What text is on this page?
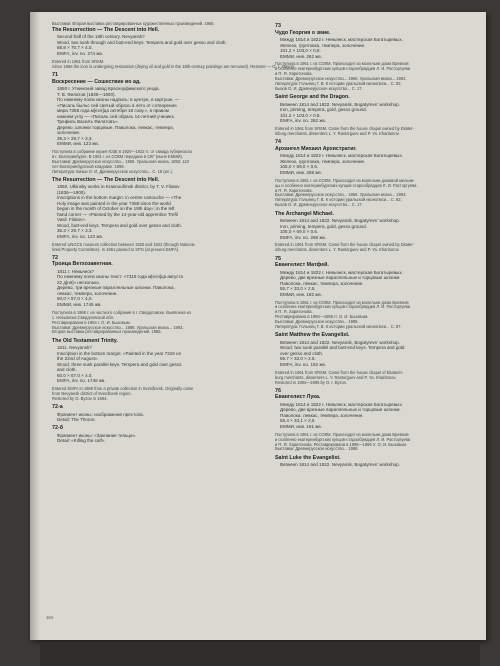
Выставки: Вторая выставка реставрированных художественных произведений. 1966.
The Resurrection — The Descent into Hell.
Second half of the 18th century. Nevyansk?
Wood, two sunk through and butt-end keys. Tempera and gold over gesso and cloth.
88.8 × 70.7 × 4.0.
EMFA, inv. no. 274 жв.
Entered in 1961 from SRSM.
Since 1966 the icon is undergoing restoration (drying oil and gold in the 18th-century paintings are removed). Restorer — O. L. Buyon.
71
Воскресение — Сошествие во ад.
1850 г. Уткинский завод Красноуфимского уезда.
Т. В. Филатов (1836—1900).
По нижнему полю иконы надпись: в центре, в картуше, —
«Писаль быльс сей святый образъ в лето от сотворения
мира 7358 года м[еся]ца октября 19 сову.», в правом
нижнем углу — «Писаль сей образъ 14-летний ученикъ
Трефиль Василъ Филатовъ».
Дерево, шпонки торцовые. Паволока, левкас, темпера,
золочение.
35,3 × 29,7 × 3,3.
ЕММИ, инв. 123 жв.
Поступила в собрание музея ЮЗЕ в 1920—1922 гг. от сквида губернского
в г. Екатеринбурге. В 1961 г. из СОКМ передана в СКГ (ныне ЕММИ).
Выставки: Древнерусское искусство... 1966. Уральская икона, 1992; 110
лет Екатеринбургской кладовке. 1996.
Литература: Бизьи О. И. Древнерусское искусство... С. 18 (ил.).
The Resurrection — The Descent into Hell.
1850. Ulkinsky works in Krasnoufimsk district, by T. V. Filatov
(1836—1900).
Inscriptions in the bottom margin: in centre cartouche — «The
Holy image was painted in the year 7358 since the world
began in the month of October on the 19th day»; in the left
hand corner — «Painted by the 14-year-old apprentice Trefil
Vasil. Filatov».
Wood, butt-end keys. Tempera and gold over gesso and cloth.
35.3 × 29.7 × 3.3.
EMFA, inv. no. 123 жв.
Entered UNGCS museum collection between 1920 and 1922 (through Nationa-
lized Property Committee). In 1961 passed to SPG (at present EMFA).
72
Троица Ветхозаветная.
1811 г. Невьянск?
По нижнему полю иконы текст: «7319 года м[еся]ца августа
22 д[ня]» несколько.
Дерево, три врезные параллельные шпонки. Паволока,
левкас, темпера, золочение.
60,0 × 67,0 × 4,0.
ЕММИ, инв. 1746 жв.
Поступила в 1968 г. из частного собрания в г. Свердловске. Выявлена из
с. Невьянска Свердловской обл.
Реставрирована в 1964 г. О. И. Бызовым.
Выставки: Древнерусское искусство... 1988. Уральская икона... 1993.
Вторая выставка реставрированных произведений. 1986.
The Old Testament Trinity.
1811. Nevyansk?
Inscription in the bottom margin: «Painted in the year 7319 on
the 22nd of August».
Wood, three sunk parallel keys. Tempera and gold over gesso
and cloth.
60.0 × 67.0 × 4.0.
EMFA, inv. no. 1746 жв.
Entered EMFA in 1968 from a private collection in Sverdlovsk. Originally came
from Nevyansk district of Sverdlovsk region.
Restored by O. Byzov in 1964.
72-а
Фрагмент иконы: изображение престола.
Detail: The Throne.
72-б
Фрагмент иконы: «Заклание тельца».
Detail: «Killing the calf».
73
Чудо Георгия о змие.
Между 1814 и 1822 г. Невьянск, мастерская Богатыревых.
Железо, грунтовка, темпера, золочение.
101,2 × 103,0 × 0,8.
ЕММИ, инв. 262 жв.
Поступила в 1961 г. из СОКМ. Происходит из молельни дома Бревнов
и особенно екатеринбургских купцов-старообрядцев Л. И. Расторгуева
и П. Я. Харитонова.
Выставки: Древнерусское искусство... 1966. Уральская икона... 1993.
Литература: Голынец Г. В. К истории уральской иконописи... С. 82.
Бызов О. И. Древнерусское искусство... С. 17.
Saint George and the Dragon.
Between 1814 and 1822. Nevyansk, Bogatyrevs' workshop.
Iron, priming, tempera, gold, gesso ground.
101.2 × 103.0 × 0.8.
EMFA, inv. no. 262 жв.
Entered in 1961 from SRSM. Came from the house chapel owned by Ekater-
inburg merchants, dissenters L. Y. Rastorguev and P. Ya. Kharitonov.
74
Архангел Михаил Архистратиг.
Между 1814 и 1822 г. Невьянск, мастерская Богатыревых.
Железо, грунтовка, темпера, золочение.
105,0 × 69,0 × 0,6.
ЕММИ, инв. 268 жв.
Поступила в 1961 г. из СОКМ. Происходит из молельни домовой мельни-
цы и особенно екатеринбургских купцов-старообрядцев Л. И. Расторгуева
и П. Я. Харитонова.
Выставки: Древнерусское искусство... 1966. Уральская икона... 1993.
Литература: Голынец Г. В. К истории уральской иконописи... С. 82;
Бызов О. И. Древнерусское искусство... С. 17.
The Archangel Michael.
Between 1814 and 1822. Nevyansk, Bogatyrevs' workshop.
Iron, priming, tempera, gold, gesso ground.
105.0 × 69.0 × 0.6.
EMFA, inv. no. 268 жв.
Entered in 1961 from SRSM. Came from the house chapel owned by Ekater-
inburg merchants, dissenters L. Y. Rastorguev and P. Ya. Kharitonov.
75
Евангелист Матфей.
Между 1814 и 1822 г. Невьянск, мастерская Богатыревых.
Дерево, две врезные параллельные и торцовые шпонки
Паволока, левкас, темпера, золочение.
55,7 × 33,0 × 2,5.
ЕММИ, инв. 192 жв.
Поступила в 1961 г. из СОКМ. Происходит из молельни дома Бревнов
и особенно екатеринбургских купцов-старообрядцев Л. И. Расторгуева
и П. Я. Харитонова.
Реставрирована в 1994—1995 гг. О. И. Бызовым.
Выставки: Древнерусское искусство... 1988.
Литература: Голынец Г. В. К истории уральской иконописи... С. 87.
Saint Matthew the Evangelist.
Between 1814 and 1822. Nevyansk, Bogatyrevs' workshop.
Wood, two sunk parallel and butt-end keys. Tempera and gold
over gesso and cloth.
55.7 × 33.0 × 2.5.
EMFA, inv. no. 192 жв.
Entered in 1961 from SRSM. Came from the house chapel of Ekaterin-
burg merchants, dissenters L. Y. Rastorguev and P. Ya. Kharitonov.
Restored in 1994—1995 by O. I. Byzov.
76
Евангелист Лука.
Между 1814 и 1822 г. Невьянск, мастерская Богатыревых.
Дерево, две врезные параллельные и торцовые шпонки.
Паволока, левкас, темпера, золочение.
55,4 × 33,1 × 2,5.
ЕММИ, инв. 191 жв.
Поступила в 1961 г. из СОКМ. Происходит из молельни дома Бревнов
и особенно екатеринбургских купцов-старообрядцев Л. И. Расторгуева
и П. Я. Харитонова. Реставрирована в 1995—1996 гг. О. И. Бызовым.
Выставки: Древнерусское искусство... 1988.
Saint Luke the Evangelist.
Between 1814 and 1822. Nevyansk, Bogatyrevs' workshop.
164
